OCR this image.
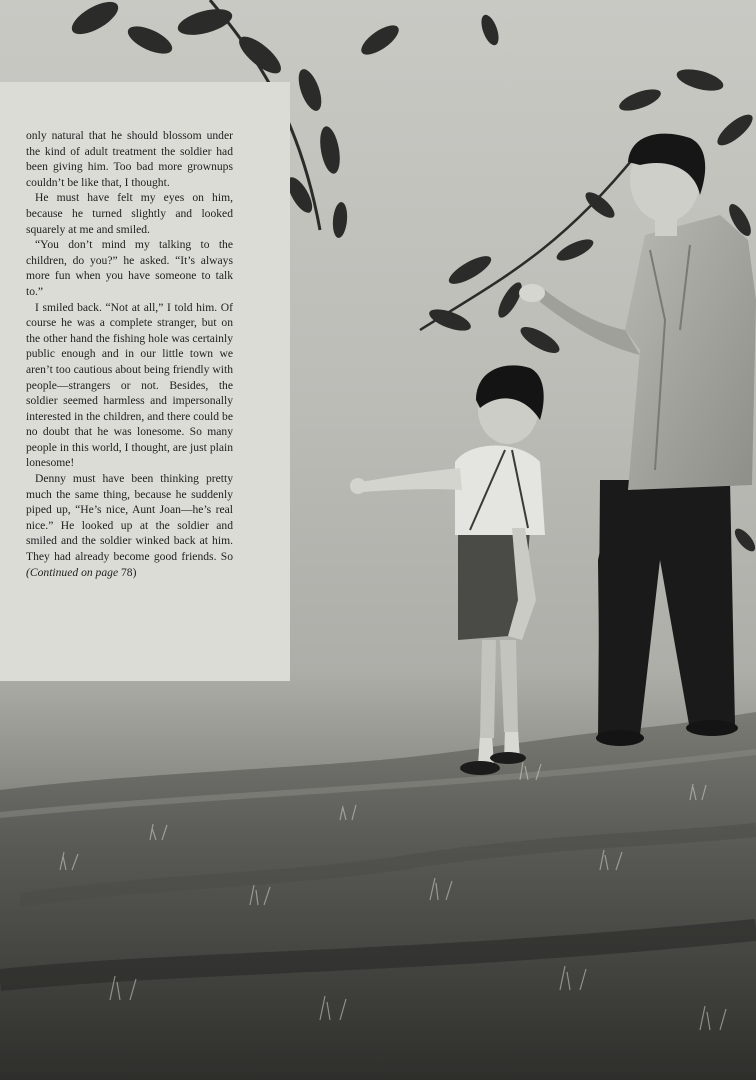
only natural that he should blossom under the kind of adult treatment the soldier had been giving him. Too bad more grownups couldn’t be like that, I thought.

He must have felt my eyes on him, because he turned slightly and looked squarely at me and smiled.

“You don’t mind my talking to the children, do you?” he asked. “It’s always more fun when you have someone to talk to.”

I smiled back. “Not at all,” I told him. Of course he was a complete stranger, but on the other hand the fishing hole was certainly public enough and in our little town we aren’t too cautious about being friendly with people—strangers or not. Besides, the soldier seemed harmless and impersonally interested in the children, and there could be no doubt that he was lonesome. So many people in this world, I thought, are just plain lonesome!

Denny must have been thinking pretty much the same thing, because he suddenly piped up, “He’s nice, Aunt Joan—he’s real nice.” He looked up at the soldier and smiled and the soldier winked back at him. They had already become good friends. So (Continued on page 78)
